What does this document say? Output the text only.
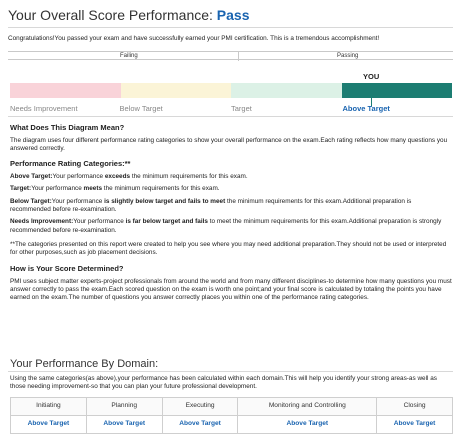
Your Overall Score Performance: Pass

Congratulations!You passed your exam and have successfully earned your PMI certification. This is a tremendous accomplishment!

Failing	Passing
YOU
Needs Improvement	Below Target	Target	Above Target
What Does This Diagram Mean?

The diagram uses four different performance rating categories to show your overall performance on the exam.Each rating reflects how many questions you answered correctly.

Performance Rating Categories:**

Above Target:Your performance exceeds the minimum requirements for this exam.

Target:Your performance meets the minimum requirements for this exam.

Below Target:Your performance is slightly below target and fails to meet the minimum requirements for this exam.Additional preparation is recommended before re-examination.

Needs Improvement:Your performance is far below target and fails to meet the minimum requirements for this exam.Additional preparation is strongly recommended before re-examination.

**The categories presented on this report were created to help you see where you may need additional preparation.They should not be used or interpreted for other purposes,such as job placement decisions.

How is Your Score Determined?

PMI uses subject matter experts-project professionals from around the world and from many different disciplines-to determine how many questions you must answer correctly to pass the exam.Each scored question on the exam is worth one point;and your final score is calculated by totaling the points you have earned on the exam.The number of questions you answer correctly places you within one of the performance rating categories.

Your Performance By Domain:

Using the same categories(as above),your performance has been calculated within each domain.This will help you identify your strong areas-as well as those needing improvement-so that you can plan your future professional development.

Initiating	Planning	Executing	Monitoring and Controlling	Closing
Above Target	Above Target	Above Target	Above Target	Above Target
